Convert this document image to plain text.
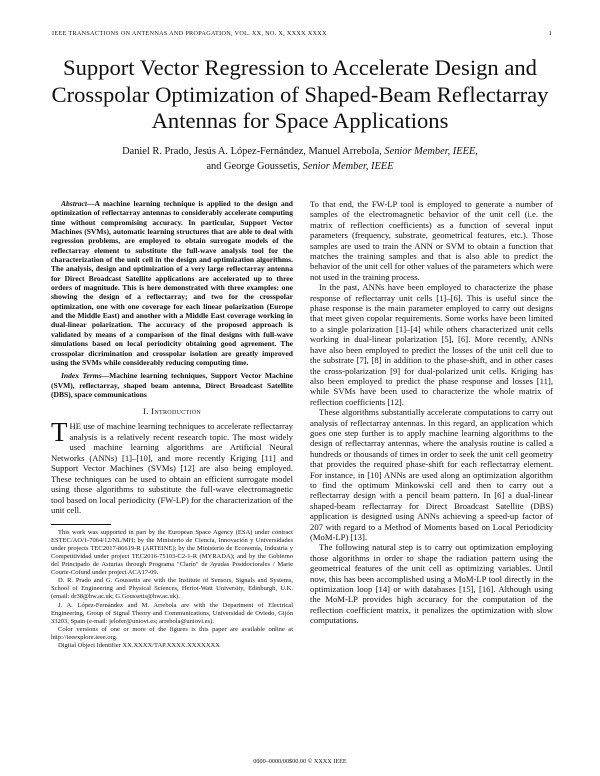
IEEE TRANSACTIONS ON ANTENNAS AND PROPAGATION, VOL. XX, NO. X, XXXX XXXX	1
Support Vector Regression to Accelerate Design and Crosspolar Optimization of Shaped-Beam Reflectarray Antennas for Space Applications
Daniel R. Prado, Jesús A. López-Fernández, Manuel Arrebola, Senior Member, IEEE,
and George Goussetis, Senior Member, IEEE

Abstract—A machine learning technique is applied to the design and optimization of reflectarray antennas to considerably accelerate computing time without compromising accuracy. In particular, Support Vector Machines (SVMs), automatic learning structures that are able to deal with regression problems, are employed to obtain surrogate models of the reflectarray element to substitute the full-wave analysis tool for the characterization of the unit cell in the design and optimization algorithms. The analysis, design and optimization of a very large reflectarray antenna for Direct Broadcast Satellite applications are accelerated up to three orders of magnitude. This is here demonstrated with three examples: one showing the design of a reflectarray; and two for the crosspolar optimization, one with one coverage for each linear polarization (Europe and the Middle East) and another with a Middle East coverage working in dual-linear polarization. The accuracy of the proposed approach is validated by means of a comparison of the final designs with full-wave simulations based on local periodicity obtaining good agreement. The crosspolar dicrimination and crosspolar isolation are greatly improved using the SVMs while considerably reducing computing time.

Index Terms—Machine learning techniques, Support Vector Machine (SVM), reflectarray, shaped beam antenna, Direct Broadcast Satellite (DBS), space communications

I. Introduction

THE use of machine learning techniques to accelerate reflectarray analysis is a relatively recent research topic. The most widely used machine learning algorithms are Artificial Neural Networks (ANNs) [1]–[10], and more recently Kriging [11] and Support Vector Machines (SVMs) [12] are also being employed. These techniques can be used to obtain an efficient surrogate model using those algorithms to substitute the full-wave electromagnetic tool based on local periodicity (FW-LP) for the characterization of the unit cell.

This work was supported in part by the European Space Agency (ESA) under contract ESTEC/AO/1-7064/12/NL/MH; by the Ministerio de Ciencia, Innovación y Universidades under projects TEC2017-86619-R (ARTEINE); by the Ministerio de Economía, Industria y Competitividad under project TEC2016-75103-C2-1-R (MYRADA); and by the Gobierno del Principado de Asturias through Programa "Clarín" de Ayudas Postdoctorales / Marie Courie-Cofund under project ACA17-09.

D. R. Prado and G. Goussetis are with the Institute of Sensors, Signals and Systems, School of Engineering and Physical Sciences, Heriot-Watt University, Edinburgh, U.K. (email: dr38@hw.ac.uk; G.Goussetis@hw.ac.uk).

J. A. López-Fernández and M. Arrebola are with the Department of Electrical Engineering, Group of Signal Theory and Communications, Universidad de Oviedo, Gijón 33203, Spain (e-mail: jelofer@uniovi.es; arrebola@uniovi.es).

Color versions of one or more of the figures is this paper are available online at http://ieeexplore.ieee.org.

Digital Object Identifier XX.XXXX/TAP.XXXX.XXXXXXX

To that end, the FW-LP tool is employed to generate a number of samples of the electromagnetic behavior of the unit cell (i.e. the matrix of reflection coefficients) as a function of several input parameters (frequency, substrate, geometrical features, etc.). Those samples are used to train the ANN or SVM to obtain a function that matches the training samples and that is also able to predict the behavior of the unit cell for other values of the parameters which were not used in the training process.

In the past, ANNs have been employed to characterize the phase response of reflectarray unit cells [1]–[6]. This is useful since the phase response is the main parameter employed to carry out designs that meet given copolar requirements. Some works have been limited to a single polarization [1]–[4] while others characterized unit cells working in dual-linear polarization [5], [6]. More recently, ANNs have also been employed to predict the losses of the unit cell due to the substrate [7], [8] in addition to the phase-shift, and in other cases the cross-polarization [9] for dual-polarized unit cells. Kriging has also been employed to predict the phase response and losses [11], while SVMs have been used to characterize the whole matrix of reflection coefficients [12].

These algorithms substantially accelerate computations to carry out analysis of reflectarray antennas. In this regard, an application which goes one step further is to apply machine learning algorithms to the design of reflectarray antennas, where the analysis routine is called a hundreds or thousands of times in order to seek the unit cell geometry that provides the required phase-shift for each reflectarray element. For instance, in [10] ANNs are used along an optimization algorithm to find the optimum Minkowski cell and then to carry out a reflectarray design with a pencil beam pattern. In [6] a dual-linear shaped-beam reflectarray for Direct Broadcast Satellite (DBS) application is designed using ANNs achieving a speed-up factor of 207 with regard to a Method of Moments based on Local Periodicity (MoM-LP) [13].

The following natural step is to carry out optimization employing those algorithms in order to shape the radiation pattern using the geometrical features of the unit cell as optimizing variables. Until now, this has been accomplished using a MoM-LP tool directly in the optimization loop [14] or with databases [15], [16]. Although using the MoM-LP provides high accuracy for the computation of the reflection coefficient matrix, it penalizes the optimization with slow computations.

0000–0000/00$00.00 © XXXX IEEE
